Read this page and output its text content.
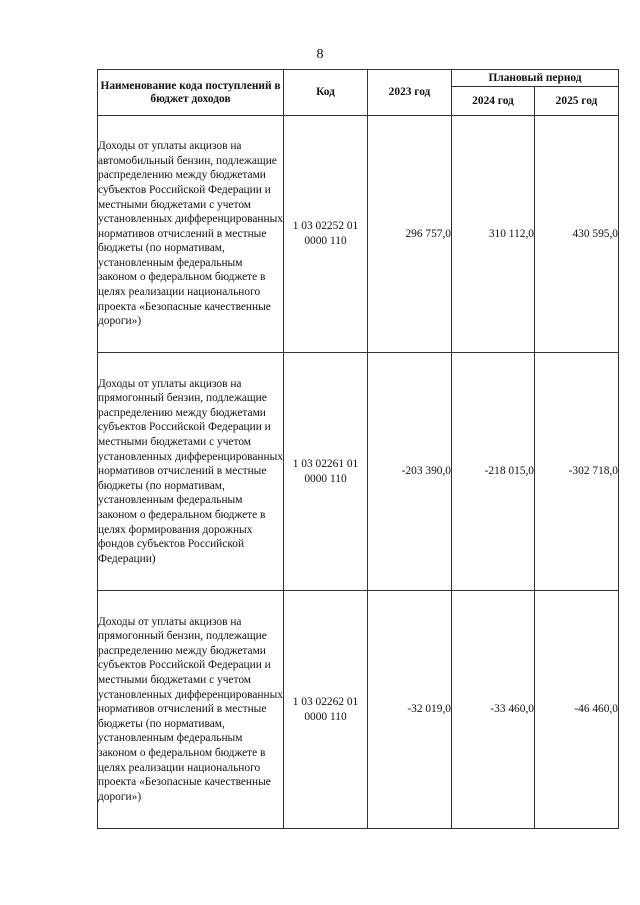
8
Наименование кода поступлений в бюджет доходов	Код	2023 год	Плановый период	
			2024 год	2025 год
Доходы от уплаты акцизов на автомобильный бензин, подлежащие распределению между бюджетами субъектов Российской Федерации и местными бюджетами с учетом установленных дифференцированных нормативов отчислений в местные бюджеты (по нормативам, установленным федеральным законом о федеральном бюджете в целях реализации национального проекта «Безопасные качественные дороги»)	1 03 02252 01 0000 110	296 757,0	310 112,0	430 595,0
Доходы от уплаты акцизов на прямогонный бензин, подлежащие распределению между бюджетами субъектов Российской Федерации и местными бюджетами с учетом установленных дифференцированных нормативов отчислений в местные бюджеты (по нормативам, установленным федеральным законом о федеральном бюджете в целях формирования дорожных фондов субъектов Российской Федерации)	1 03 02261 01 0000 110	-203 390,0	-218 015,0	-302 718,0
Доходы от уплаты акцизов на прямогонный бензин, подлежащие распределению между бюджетами субъектов Российской Федерации и местными бюджетами с учетом установленных дифференцированных нормативов отчислений в местные бюджеты (по нормативам, установленным федеральным законом о федеральном бюджете в целях реализации национального проекта «Безопасные качественные дороги»)	1 03 02262 01 0000 110	-32 019,0	-33 460,0	-46 460,0
